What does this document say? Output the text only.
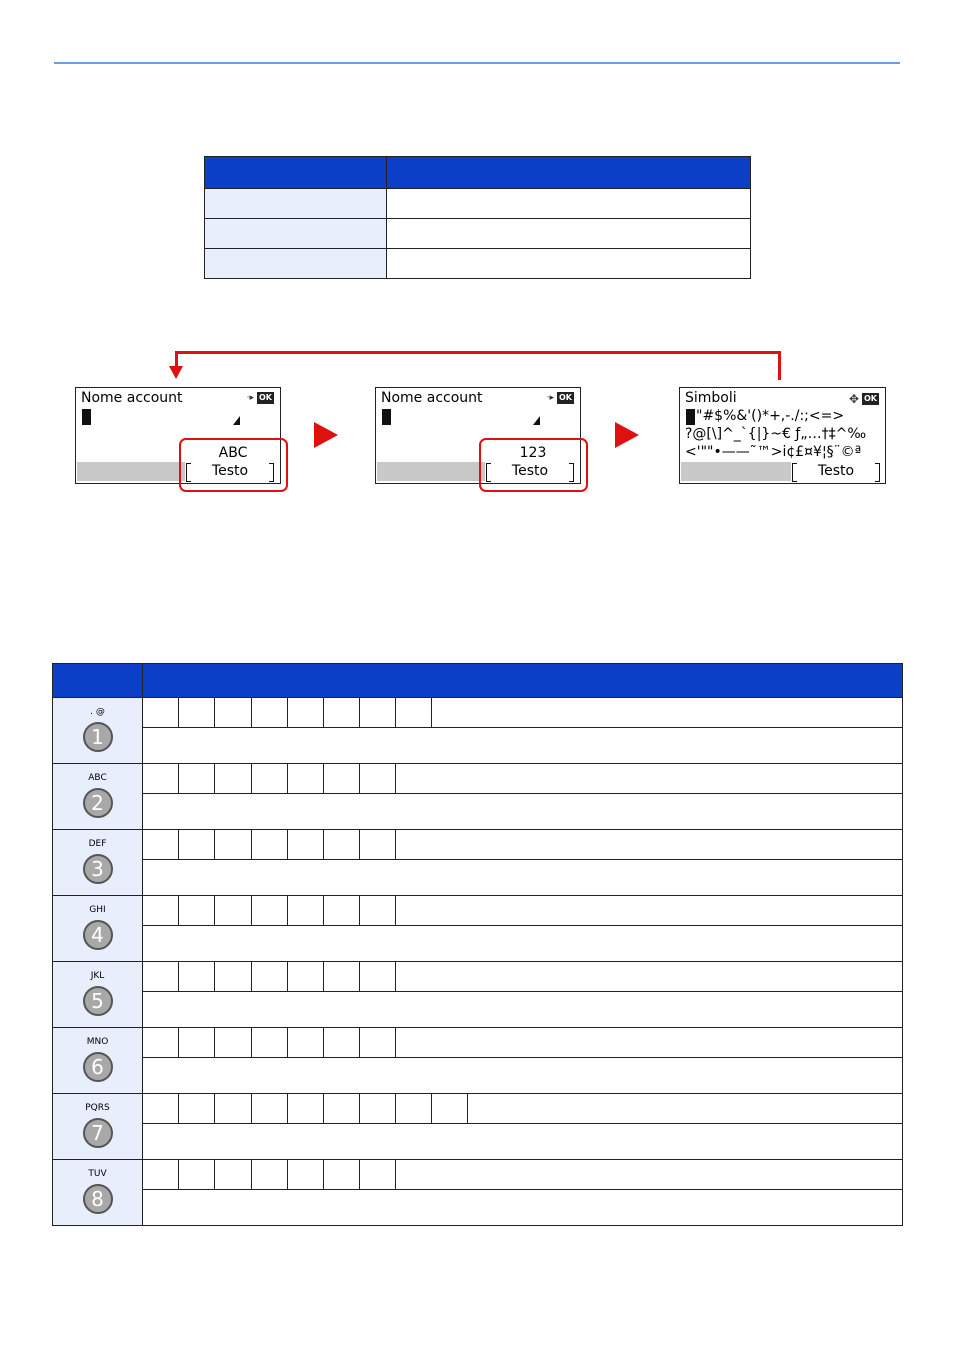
Nome account	·▸ OK
ABC
Testo
Nome account	·▸ OK
123
Testo
Simboli	✥ OK
"#$%&'()*+,-./:;<=>
?@[\]^_`{|}~€ ƒ„…†‡^‰
<'""•——˜™>i¢£¤¥¦§¨©ª
Testo

. @
1										

ABC
2										

DEF
3										

GHI
4										

JKL
5										

MNO
6										

PQRS
7										

TUV
8										
